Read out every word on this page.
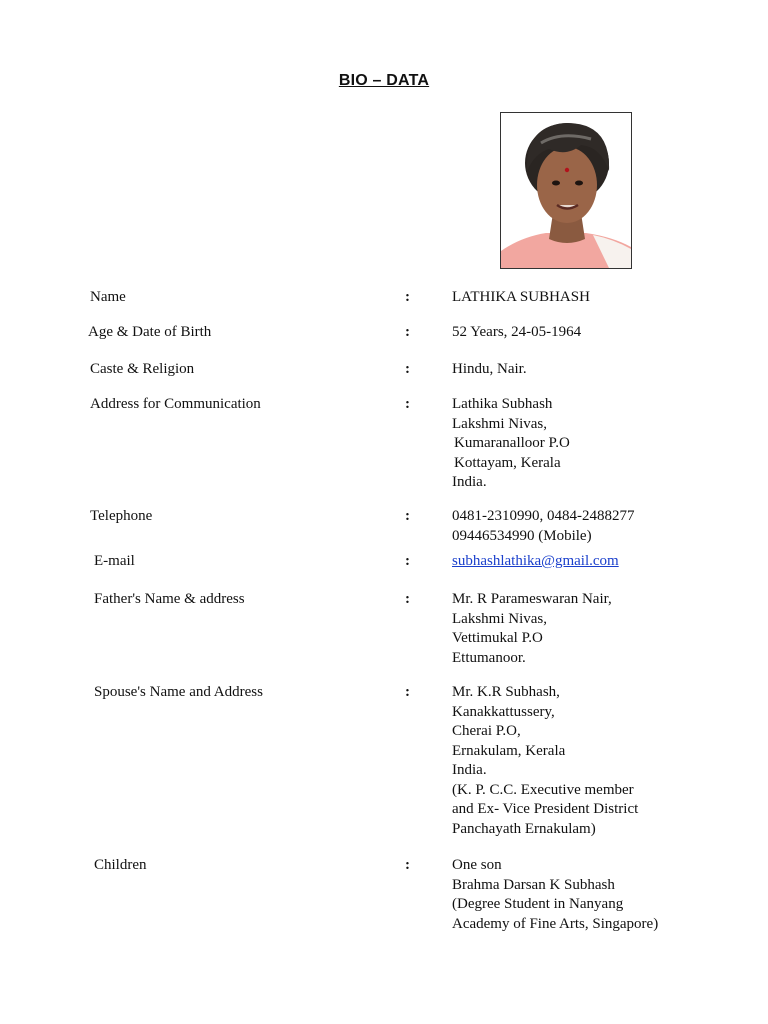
BIO – DATA
Name	:	LATHIKA SUBHASH
Age & Date of Birth	:	52 Years, 24-05-1964
Caste & Religion	:	Hindu, Nair.
Address for Communication	:	Lathika Subhash
Lakshmi Nivas,
Kumaranalloor P.O
Kottayam, Kerala
India.
Telephone	:	0481-2310990, 0484-2488277
09446534990 (Mobile)
E-mail	:	subhashlathika@gmail.com
Father's Name & address	:	Mr. R Parameswaran Nair,
Lakshmi Nivas,
Vettimukal P.O
Ettumanoor.
Spouse's Name and Address	:	Mr. K.R Subhash,
Kanakkattussery,
Cherai P.O,
Ernakulam, Kerala
India.
(K. P. C.C. Executive member
and Ex- Vice President District
Panchayath Ernakulam)
Children	:	One son
Brahma Darsan K Subhash
(Degree Student in Nanyang
Academy of Fine Arts, Singapore)
